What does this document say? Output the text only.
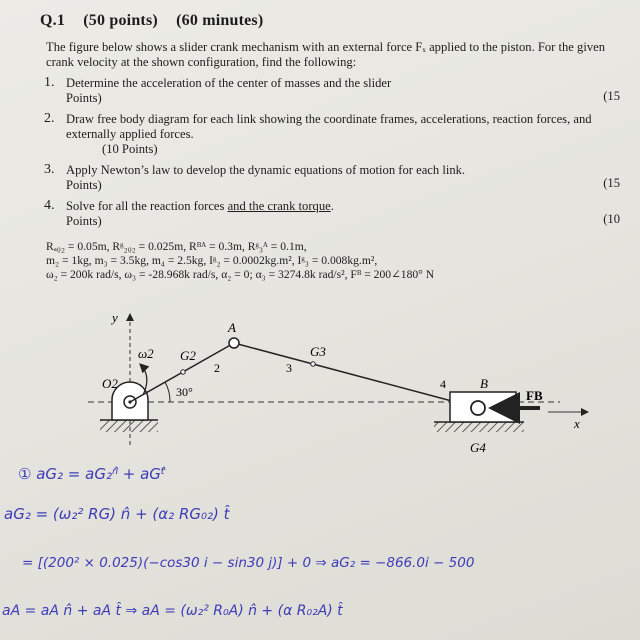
Q.1 (50 points) (60 minutes)
The figure below shows a slider crank mechanism with an external force Fₓ applied to the piston. For the given crank velocity at the shown configuration, find the following:
1. Determine the acceleration of the center of masses and the slider
Points)	(15
2. Draw free body diagram for each link showing the coordinate frames, accelerations, reaction forces, and externally applied forces.
(10 Points)
3. Apply Newton’s law to develop the dynamic equations of motion for each link.
Points)	(15
4. Solve for all the reaction forces and the crank torque.
Points)	(10
Rₐ₀₂ = 0.05m, Rᵍ₂₀₂ = 0.025m, Rᴮᴬ = 0.3m, Rᵍ₃ᴬ = 0.1m,
m₂ = 1kg, m₃ = 3.5kg, m₄ = 2.5kg, Iᵍ₂ = 0.0002kg.m², Iᵍ₃ = 0.008kg.m²,
ω₂ = 200k rad/s, ω₃ = -28.968k rad/s, α₂ = 0; α₃ = 3274.8k rad/s², Fᴮ = 200∠180° N
y
x
ω2 G2
A
G3
2	3
4	B
FB
O2
30°
G4
① aG₂ = aG₂ⁿ̂ + aGᵗ̂
aG₂ = (ω₂² RG) n̂ + (α₂ RG₀₂) t̂
= [(200² × 0.025)(−cos30 i − sin30 j)] + 0 ⇒ aG₂ = −866.0i − 500
aA = aA n̂ + aA t̂ ⇒ aA = (ω₂² R₀A) n̂ + (α R₀₂A) t̂
